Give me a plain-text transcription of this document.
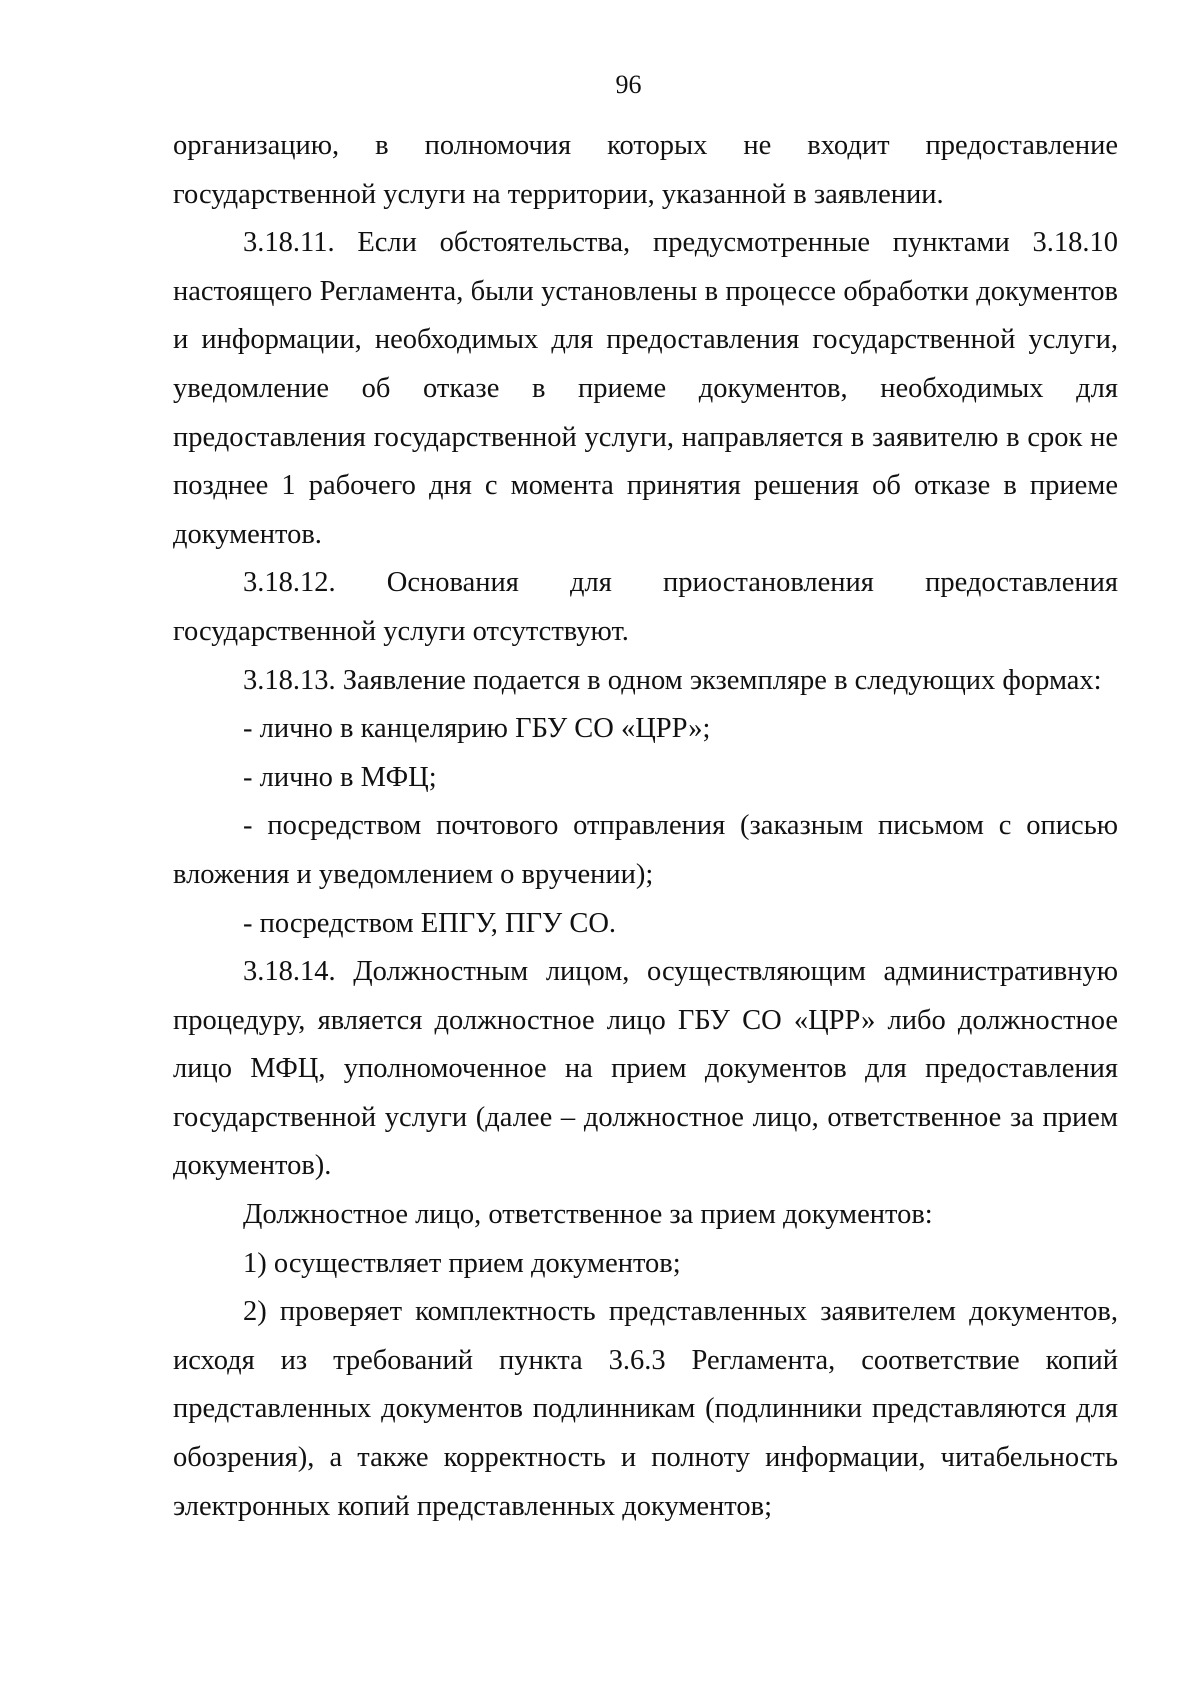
96

организацию, в полномочия которых не входит предоставление государственной услуги на территории, указанной в заявлении.

3.18.11. Если обстоятельства, предусмотренные пунктами 3.18.10 настоящего Регламента, были установлены в процессе обработки документов и информации, необходимых для предоставления государственной услуги, уведомление об отказе в приеме документов, необходимых для предоставления государственной услуги, направляется в заявителю в срок не позднее 1 рабочего дня с момента принятия решения об отказе в приеме документов.

3.18.12. Основания для приостановления предоставления государственной услуги отсутствуют.

3.18.13. Заявление подается в одном экземпляре в следующих формах:

- лично в канцелярию ГБУ СО «ЦРР»;

- лично в МФЦ;

- посредством почтового отправления (заказным письмом с описью вложения и уведомлением о вручении);

- посредством ЕПГУ, ПГУ СО.

3.18.14. Должностным лицом, осуществляющим административную процедуру, является должностное лицо ГБУ СО «ЦРР» либо должностное лицо МФЦ, уполномоченное на прием документов для предоставления государственной услуги (далее – должностное лицо, ответственное за прием документов).

Должностное лицо, ответственное за прием документов:

1) осуществляет прием документов;

2) проверяет комплектность представленных заявителем документов, исходя из требований пункта 3.6.3 Регламента, соответствие копий представленных документов подлинникам (подлинники представляются для обозрения), а также корректность и полноту информации, читабельность электронных копий представленных документов;
